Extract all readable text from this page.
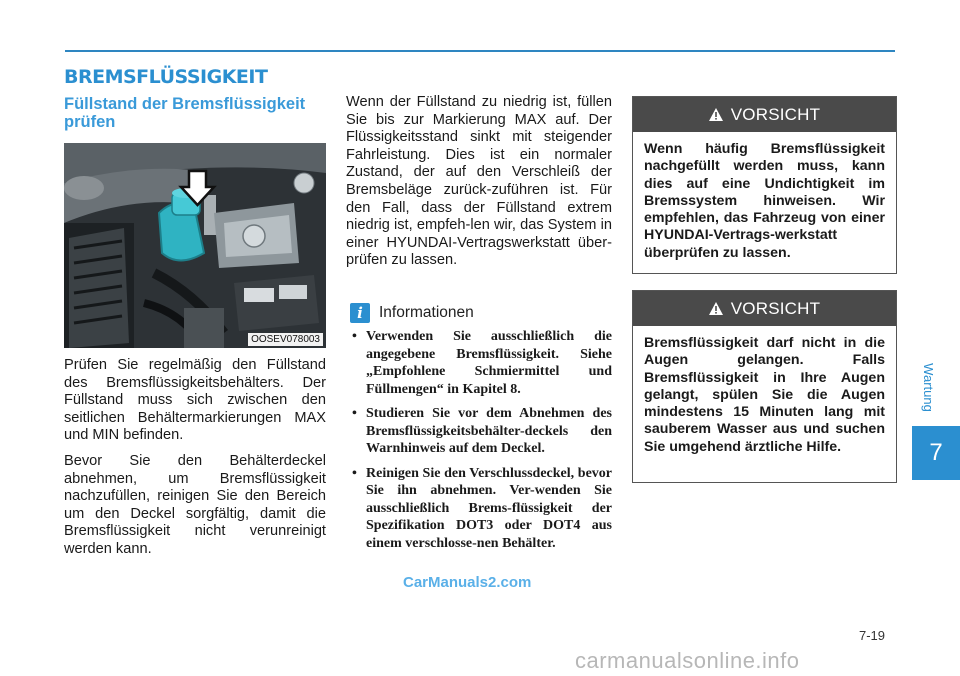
BREMSFLÜSSIGKEIT
Füllstand der Bremsflüssigkeit prüfen
OOSEV078003

Prüfen Sie regelmäßig den Füllstand des Bremsflüssigkeitsbehälters. Der Füllstand muss sich zwischen den seitlichen Behältermarkierungen MAX und MIN befinden.

Bevor Sie den Behälterdeckel abnehmen, um Bremsflüssigkeit nachzufüllen, reinigen Sie den Bereich um den Deckel sorgfältig, damit die Bremsflüssigkeit nicht verunreinigt werden kann.

Wenn der Füllstand zu niedrig ist, füllen Sie bis zur Markierung MAX auf. Der Flüssigkeitsstand sinkt mit steigender Fahrleistung. Dies ist ein normaler Zustand, der auf den Verschleiß der Bremsbeläge zurück-zuführen ist. Für den Fall, dass der Füllstand extrem niedrig ist, empfeh-len wir, das System in einer HYUNDAI-Vertragswerkstatt über-prüfen zu lassen.

i	Informationen
• Verwenden Sie ausschließlich die angegebene Bremsflüssigkeit. Siehe „Empfohlene Schmiermittel und Füllmengen“ in Kapitel 8.
• Studieren Sie vor dem Abnehmen des Bremsflüssigkeitsbehälter-deckels den Warnhinweis auf dem Deckel.
• Reinigen Sie den Verschlussdeckel, bevor Sie ihn abnehmen. Ver-wenden Sie ausschließlich Brems-flüssigkeit der Spezifikation DOT3 oder DOT4 aus einem verschlosse-nen Behälter.
CarManuals2.com
VORSICHT
Wenn häufig Bremsflüssigkeit nachgefüllt werden muss, kann dies auf eine Undichtigkeit im Bremssystem hinweisen. Wir empfehlen, das Fahrzeug von einer HYUNDAI-Vertrags-werkstatt überprüfen zu lassen.
VORSICHT
Bremsflüssigkeit darf nicht in die Augen gelangen. Falls Bremsflüssigkeit in Ihre Augen gelangt, spülen Sie die Augen mindestens 15 Minuten lang mit sauberem Wasser aus und suchen Sie umgehend ärztliche Hilfe.
Wartung
7
7-19
carmanualsonline.info
